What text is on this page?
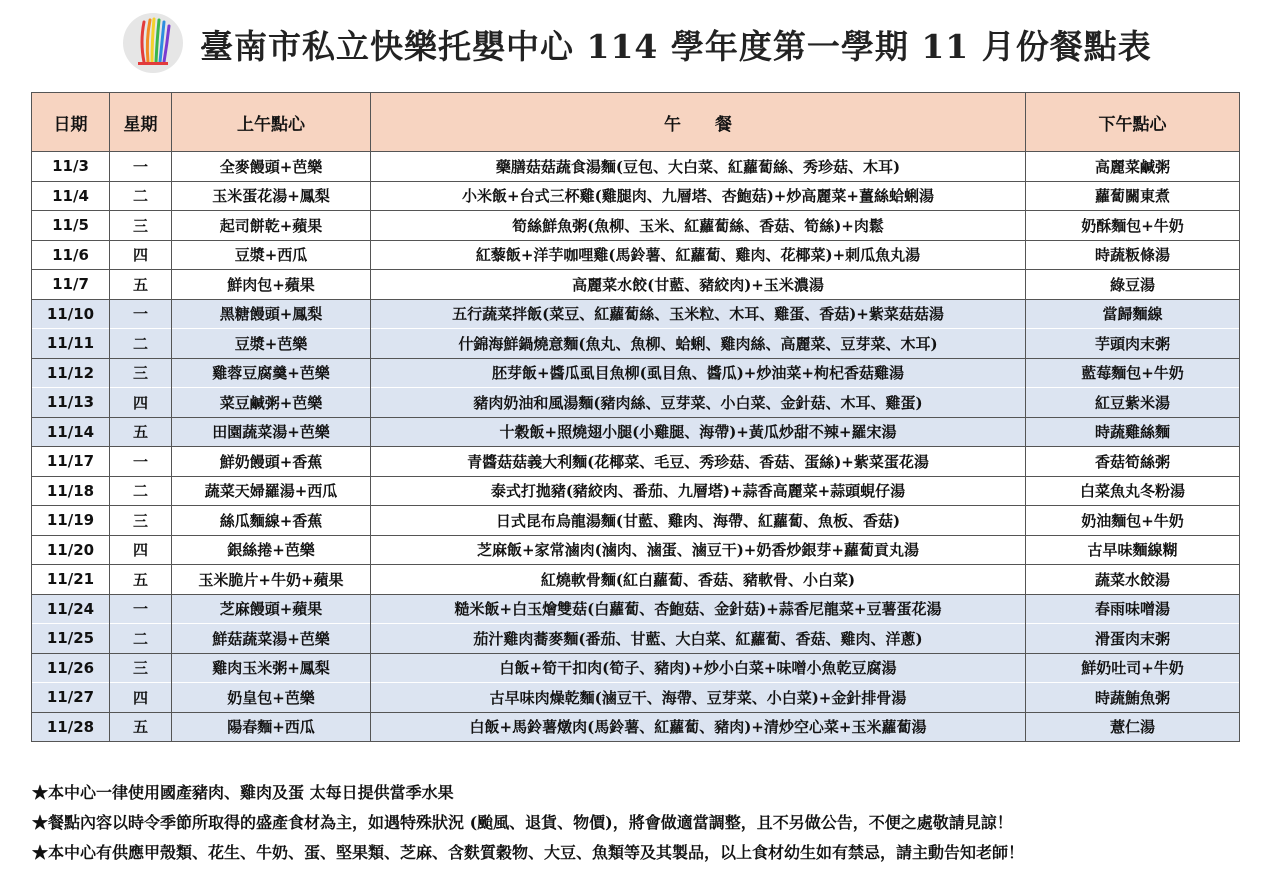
臺南市私立快樂托嬰中心 114 學年度第一學期 11 月份餐點表
日期	星期	上午點心	午　　餐	下午點心
11/3	一	全麥饅頭+芭樂	藥膳菇菇蔬食湯麵(豆包、大白菜、紅蘿蔔絲、秀珍菇、木耳)	高麗菜鹹粥
11/4	二	玉米蛋花湯+鳳梨	小米飯+台式三杯雞(雞腿肉、九層塔、杏鮑菇)+炒高麗菜+薑絲蛤蜊湯	蘿蔔關東煮
11/5	三	起司餅乾+蘋果	筍絲鮮魚粥(魚柳、玉米、紅蘿蔔絲、香菇、筍絲)+肉鬆	奶酥麵包+牛奶
11/6	四	豆漿+西瓜	紅藜飯+洋芋咖哩雞(馬鈴薯、紅蘿蔔、雞肉、花椰菜)+刺瓜魚丸湯	時蔬粄條湯
11/7	五	鮮肉包+蘋果	高麗菜水餃(甘藍、豬絞肉)+玉米濃湯	綠豆湯
11/10	一	黑糖饅頭+鳳梨	五行蔬菜拌飯(菜豆、紅蘿蔔絲、玉米粒、木耳、雞蛋、香菇)+紫菜菇菇湯	當歸麵線
11/11	二	豆漿+芭樂	什錦海鮮鍋燒意麵(魚丸、魚柳、蛤蜊、雞肉絲、高麗菜、豆芽菜、木耳)	芋頭肉末粥
11/12	三	雞蓉豆腐羹+芭樂	胚芽飯+醬瓜虱目魚柳(虱目魚、醬瓜)+炒油菜+枸杞香菇雞湯	藍莓麵包+牛奶
11/13	四	菜豆鹹粥+芭樂	豬肉奶油和風湯麵(豬肉絲、豆芽菜、小白菜、金針菇、木耳、雞蛋)	紅豆紫米湯
11/14	五	田園蔬菜湯+芭樂	十穀飯+照燒翅小腿(小雞腿、海帶)+黃瓜炒甜不辣+羅宋湯	時蔬雞絲麵
11/17	一	鮮奶饅頭+香蕉	青醬菇菇義大利麵(花椰菜、毛豆、秀珍菇、香菇、蛋絲)+紫菜蛋花湯	香菇筍絲粥
11/18	二	蔬菜天婦羅湯+西瓜	泰式打拋豬(豬絞肉、番茄、九層塔)+蒜香高麗菜+蒜頭蜆仔湯	白菜魚丸冬粉湯
11/19	三	絲瓜麵線+香蕉	日式昆布烏龍湯麵(甘藍、雞肉、海帶、紅蘿蔔、魚板、香菇)	奶油麵包+牛奶
11/20	四	銀絲捲+芭樂	芝麻飯+家常滷肉(滷肉、滷蛋、滷豆干)+奶香炒銀芽+蘿蔔貢丸湯	古早味麵線糊
11/21	五	玉米脆片+牛奶+蘋果	紅燒軟骨麵(紅白蘿蔔、香菇、豬軟骨、小白菜)	蔬菜水餃湯
11/24	一	芝麻饅頭+蘋果	糙米飯+白玉燴雙菇(白蘿蔔、杏鮑菇、金針菇)+蒜香尼龍菜+豆薯蛋花湯	春雨味噌湯
11/25	二	鮮菇蔬菜湯+芭樂	茄汁雞肉蕎麥麵(番茄、甘藍、大白菜、紅蘿蔔、香菇、雞肉、洋蔥)	滑蛋肉末粥
11/26	三	雞肉玉米粥+鳳梨	白飯+筍干扣肉(筍子、豬肉)+炒小白菜+味噌小魚乾豆腐湯	鮮奶吐司+牛奶
11/27	四	奶皇包+芭樂	古早味肉燥乾麵(滷豆干、海帶、豆芽菜、小白菜)+金針排骨湯	時蔬鮪魚粥
11/28	五	陽春麵+西瓜	白飯+馬鈴薯燉肉(馬鈴薯、紅蘿蔔、豬肉)+清炒空心菜+玉米蘿蔔湯	薏仁湯
★本中心一律使用國產豬肉、雞肉及蛋 太每日提供當季水果
★餐點內容以時令季節所取得的盛產食材為主，如遇特殊狀況 (颱風、退貨、物價)，將會做適當調整，且不另做公告，不便之處敬請見諒！
★本中心有供應甲殼類、花生、牛奶、蛋、堅果類、芝麻、含麩質穀物、大豆、魚類等及其製品，以上食材幼生如有禁忌，請主動告知老師！
